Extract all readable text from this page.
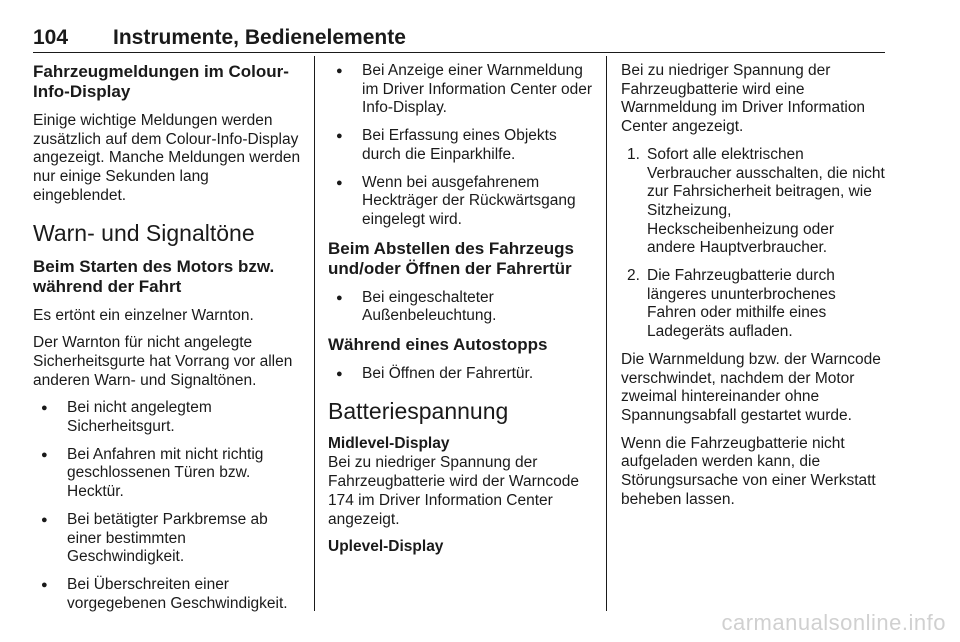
104 Instrumente, Bedienelemente
Fahrzeugmeldungen im Colour-Info-Display

Einige wichtige Meldungen werden zusätzlich auf dem Colour-Info-Display angezeigt. Manche Meldungen werden nur einige Sekunden lang eingeblendet.

Warn- und Signaltöne
Beim Starten des Motors bzw. während der Fahrt

Es ertönt ein einzelner Warnton.

Der Warnton für nicht angelegte Sicherheitsgurte hat Vorrang vor allen anderen Warn- und Signaltönen.

● Bei nicht angelegtem Sicherheitsgurt.
● Bei Anfahren mit nicht richtig geschlossenen Türen bzw. Hecktür.
● Bei betätigter Parkbremse ab einer bestimmten Geschwindigkeit.
● Bei Überschreiten einer vorgegebenen Geschwindigkeit.
● Bei Anzeige einer Warnmeldung im Driver Information Center oder Info-Display.
● Bei Erfassung eines Objekts durch die Einparkhilfe.
● Wenn bei ausgefahrenem Heckträger der Rückwärtsgang eingelegt wird.
Beim Abstellen des Fahrzeugs und/oder Öffnen der Fahrertür
● Bei eingeschalteter Außenbeleuchtung.
Während eines Autostopps
● Bei Öffnen der Fahrertür.
Batteriespannung
Midlevel-Display

Bei zu niedriger Spannung der Fahrzeugbatterie wird der Warncode 174 im Driver Information Center angezeigt.

Uplevel-Display

Bei zu niedriger Spannung der Fahrzeugbatterie wird eine Warnmeldung im Driver Information Center angezeigt.

1. Sofort alle elektrischen Verbraucher ausschalten, die nicht zur Fahrsicherheit beitragen, wie Sitzheizung, Heckscheibenheizung oder andere Hauptverbraucher.
2. Die Fahrzeugbatterie durch längeres ununterbrochenes Fahren oder mithilfe eines Ladegeräts aufladen.

Die Warnmeldung bzw. der Warncode verschwindet, nachdem der Motor zweimal hintereinander ohne Spannungsabfall gestartet wurde.

Wenn die Fahrzeugbatterie nicht aufgeladen werden kann, die Störungsursache von einer Werkstatt beheben lassen.

carmanualsonline.info
